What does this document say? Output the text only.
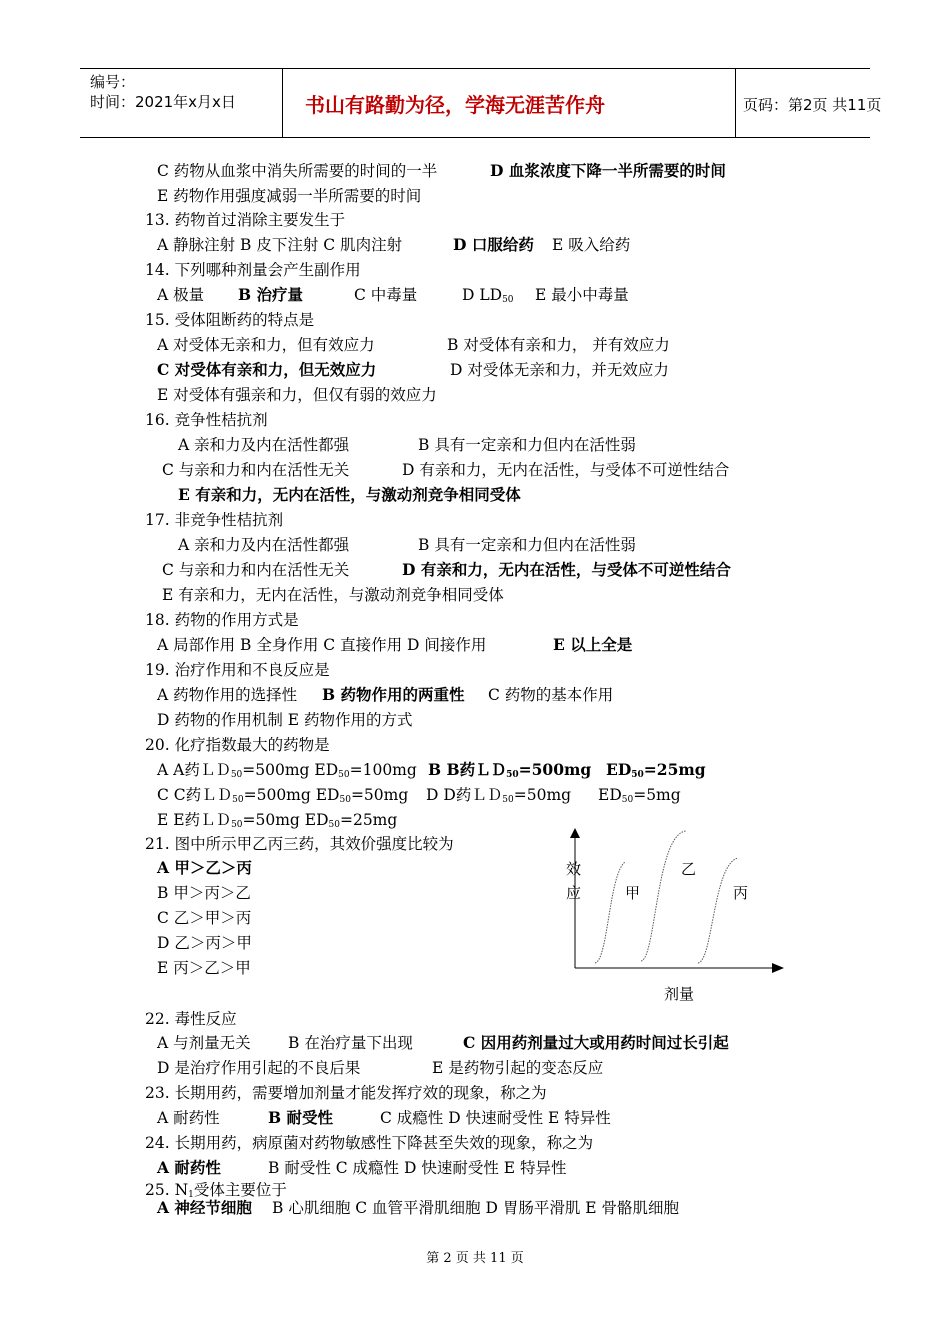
编号：
时间：2021年x月x日	书山有路勤为径，学海无涯苦作舟	页码：第2页 共11页
C 药物从血浆中消失所需要的时间的一半	D 血浆浓度下降一半所需要的时间
E 药物作用强度减弱一半所需要的时间
13. 药物首过消除主要发生于
A 静脉注射 B 皮下注射 C 肌肉注射	D 口服给药 E 吸入给药
14. 下列哪种剂量会产生副作用
A 极量 B 治疗量	C 中毒量	D $LD_{50}$ E 最小中毒量
15. 受体阻断药的特点是
A 对受体无亲和力，但有效应力	B 对受体有亲和力， 并有效应力
C 对受体有亲和力，但无效应力	D 对受体无亲和力，并无效应力
E 对受体有强亲和力，但仅有弱的效应力
16. 竞争性桔抗剂
A 亲和力及内在活性都强	B 具有一定亲和力但内在活性弱
C 与亲和力和内在活性无关	D 有亲和力，无内在活性，与受体不可逆性结合
E 有亲和力，无内在活性，与激动剂竞争相同受体
17. 非竞争性桔抗剂
A 亲和力及内在活性都强	B 具有一定亲和力但内在活性弱
C 与亲和力和内在活性无关	D 有亲和力，无内在活性，与受体不可逆性结合
E 有亲和力，无内在活性，与激动剂竞争相同受体
18. 药物的作用方式是
A 局部作用 B 全身作用 C 直接作用 D 间接作用	E 以上全是
19. 治疗作用和不良反应是
A 药物作用的选择性 B 药物作用的两重性 C 药物的基本作用
D 药物的作用机制 E 药物作用的方式
20. 化疗指数最大的药物是
A A药ＬＤ$_{50}$=500mg $ED_{50}=100mg$ B B药ＬＤ$_{50}$=500mg $ED_{50}=25mg$
C C药ＬＤ$_{50}$=500mg $ED_{50}=50mg$ D D药ＬＤ$_{50}$=50mg $ED_{50}=5mg$
E E药ＬＤ$_{50}$=50mg $ED_{50}=25mg$
21. 图中所示甲乙丙三药，其效价强度比较为
A 甲＞乙＞丙
B 甲＞丙＞乙
C 乙＞甲＞丙
D 乙＞丙＞甲
E 丙＞乙＞甲
效
应	甲
乙
丙
剂量
22. 毒性反应
A 与剂量无关 B 在治疗量下出现	C 因用药剂量过大或用药时间过长引起
D 是治疗作用引起的不良后果	E 是药物引起的变态反应
23. 长期用药，需要增加剂量才能发挥疗效的现象，称之为
A 耐药性	B 耐受性	C 成瘾性 D 快速耐受性 E 特异性
24. 长期用药，病原菌对药物敏感性下降甚至失效的现象，称之为
A 耐药性	B 耐受性 C 成瘾性 D 快速耐受性 E 特异性
25. $N_1$受体主要位于
A 神经节细胞 B 心肌细胞 C 血管平滑肌细胞 D 胃肠平滑肌 E 骨骼肌细胞
第 2 页 共 11 页
